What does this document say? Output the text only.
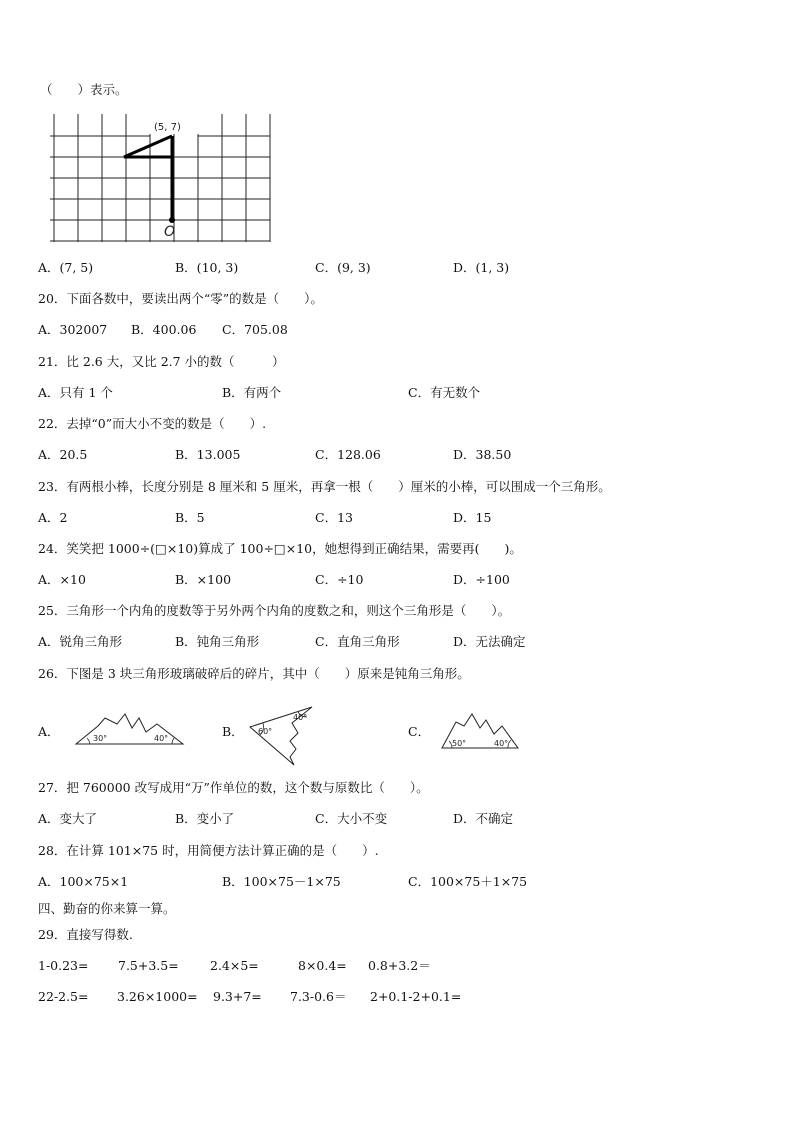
（　　）表示。
(5, 7)
O
A．(7, 5)	B．(10, 3)	C．(9, 3)	D．(1, 3)
20．下面各数中，要读出两个“零”的数是（　　）。
A．302007 B．400.06 C．705.08
21．比 2.6 大，又比 2.7 小的数（　　　）
A．只有 1 个	B．有两个	C．有无数个
22．去掉“0”而大小不变的数是（　　）.
A．20.5	B．13.005	C．128.06	D．38.50
23．有两根小棒，长度分别是 8 厘米和 5 厘米，再拿一根（　　）厘米的小棒，可以围成一个三角形。
A．2	B．5	C．13	D．15
24．笑笑把 1000÷(□×10)算成了 100÷□×10，她想得到正确结果，需要再(　　)。
A．×10	B．×100	C．÷10	D．÷100
25．三角形一个内角的度数等于另外两个内角的度数之和，则这个三角形是（　　）。
A．锐角三角形	B．钝角三角形	C．直角三角形	D．无法确定
26．下图是 3 块三角形玻璃破碎后的碎片，其中（　　）原来是钝角三角形。
A．	30°	40°	B． 60°
40°
C．
50°	40°
27．把 760000 改写成用“万”作单位的数，这个数与原数比（　　）。
A．变大了	B．变小了	C．大小不变	D．不确定
28．在计算 101×75 时，用简便方法计算正确的是（　　）.
A．100×75×1	B．100×75－1×75	C．100×75＋1×75
四、勤奋的你来算一算。
29．直接写得数.
1-0.23= 7.5+3.5=	2.4×5=	8×0.4= 0.8+3.2＝
22-2.5= 3.26×1000= 9.3+7= 7.3-0.6＝ 2+0.1-2+0.1=
